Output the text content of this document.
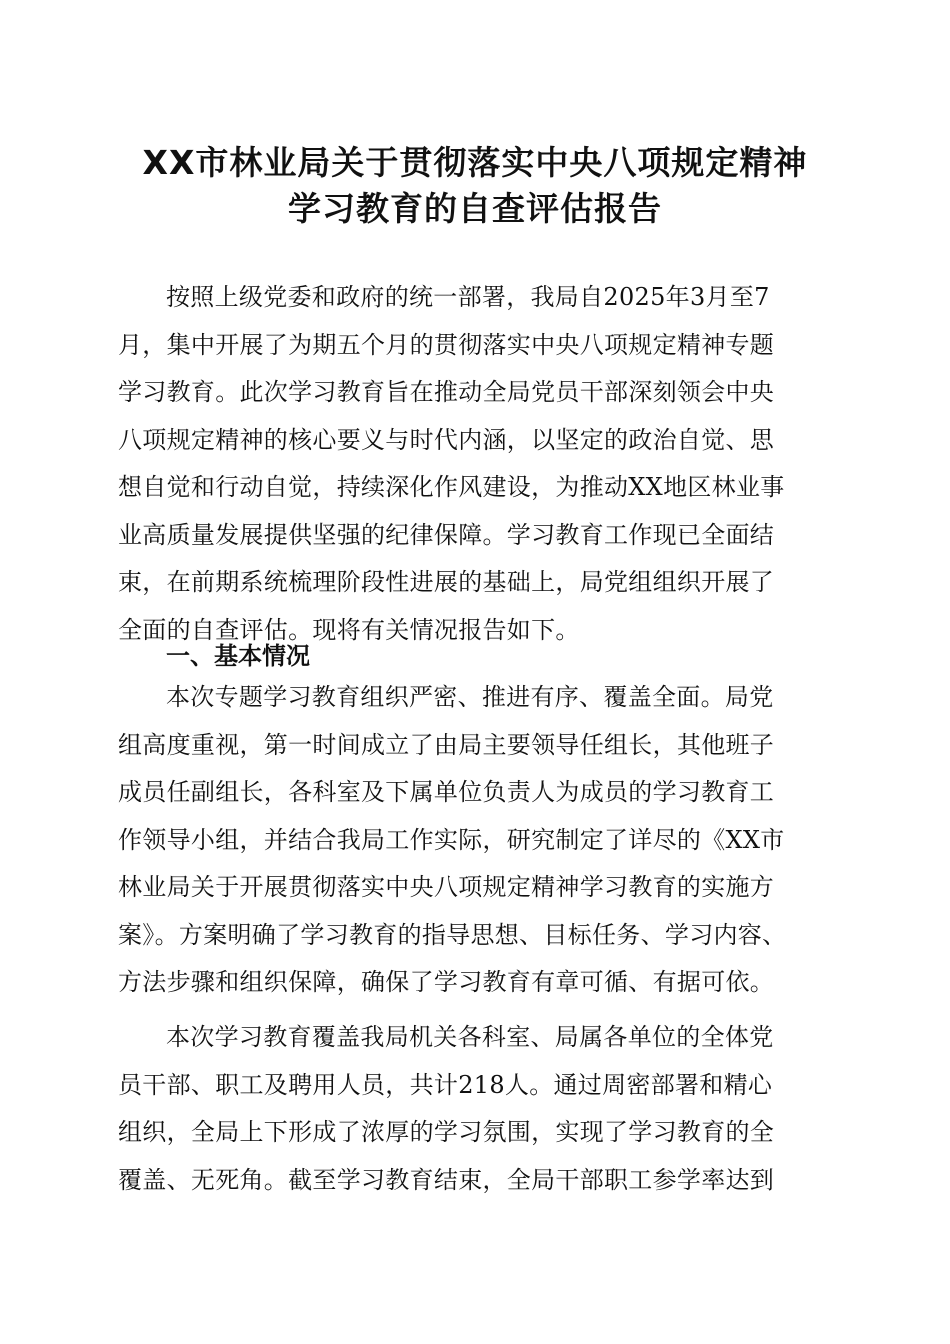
XX市林业局关于贯彻落实中央八项规定精神
学习教育的自查评估报告

按照上级党委和政府的统一部署，我局自2025年3月至7
月，集中开展了为期五个月的贯彻落实中央八项规定精神专题
学习教育。此次学习教育旨在推动全局党员干部深刻领会中央
八项规定精神的核心要义与时代内涵，以坚定的政治自觉、思
想自觉和行动自觉，持续深化作风建设，为推动XX地区林业事
业高质量发展提供坚强的纪律保障。学习教育工作现已全面结
束，在前期系统梳理阶段性进展的基础上，局党组组织开展了
全面的自查评估。现将有关情况报告如下。

一、基本情况

本次专题学习教育组织严密、推进有序、覆盖全面。局党
组高度重视，第一时间成立了由局主要领导任组长，其他班子
成员任副组长，各科室及下属单位负责人为成员的学习教育工
作领导小组，并结合我局工作实际，研究制定了详尽的《XX市
林业局关于开展贯彻落实中央八项规定精神学习教育的实施方
案》。方案明确了学习教育的指导思想、目标任务、学习内容、
方法步骤和组织保障，确保了学习教育有章可循、有据可依。

本次学习教育覆盖我局机关各科室、局属各单位的全体党
员干部、职工及聘用人员，共计218人。通过周密部署和精心
组织，全局上下形成了浓厚的学习氛围，实现了学习教育的全
覆盖、无死角。截至学习教育结束，全局干部职工参学率达到
